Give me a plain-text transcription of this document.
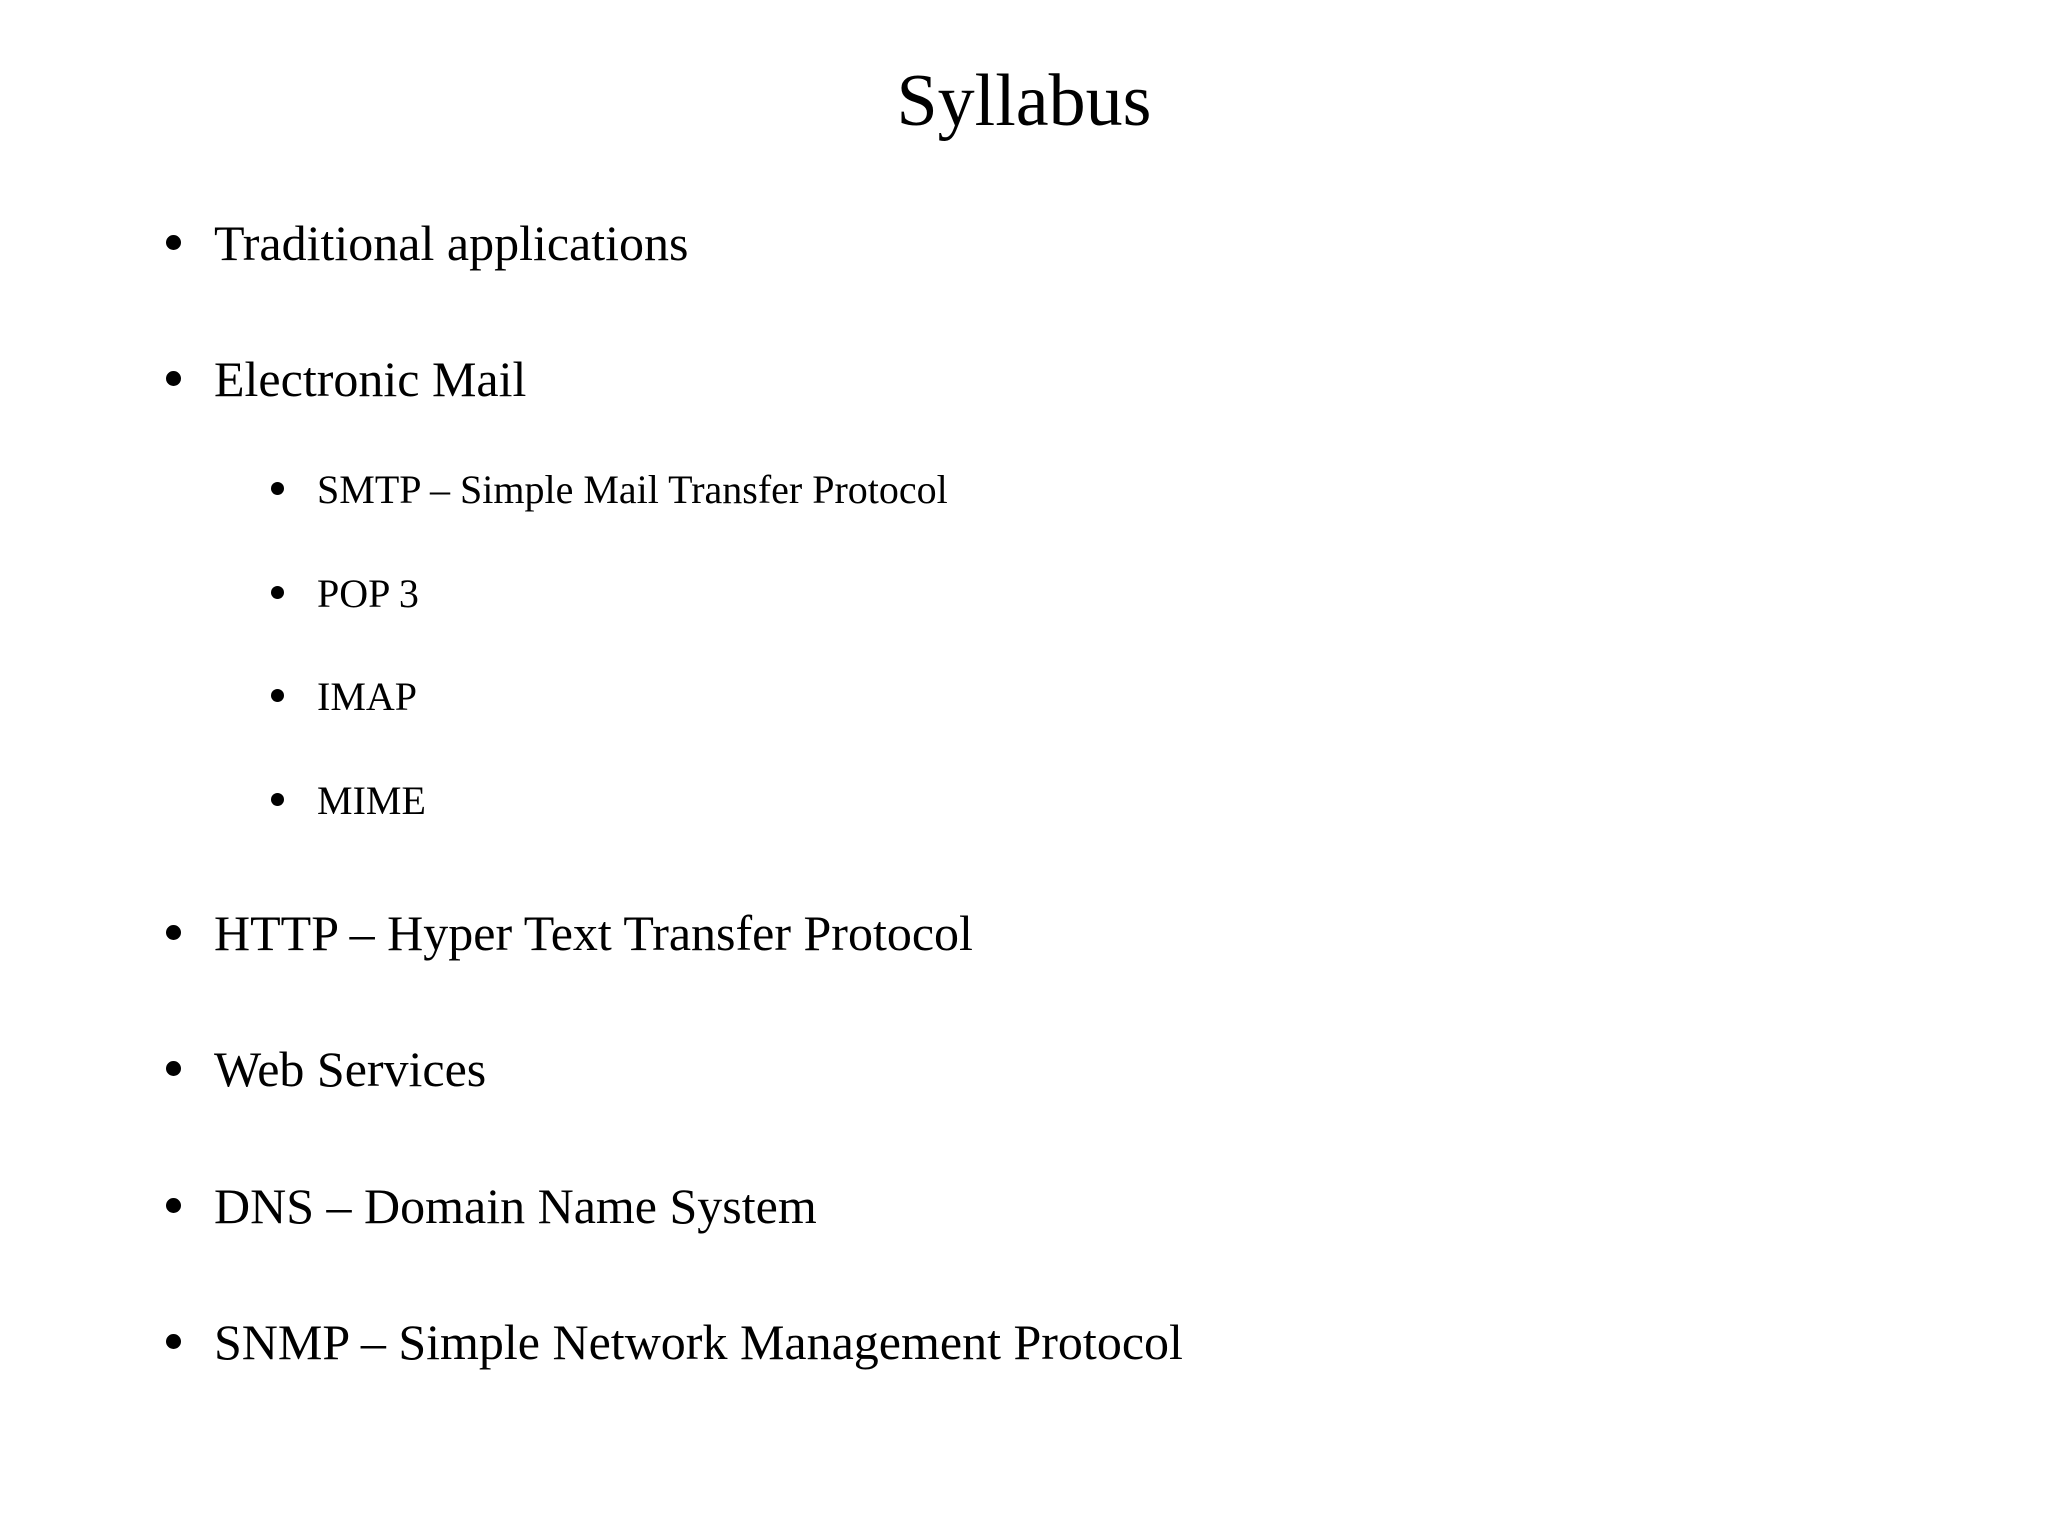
Syllabus
Traditional applications
Electronic Mail
SMTP – Simple Mail Transfer Protocol
POP 3
IMAP
MIME
HTTP – Hyper Text Transfer Protocol
Web Services
DNS – Domain Name System
SNMP – Simple Network Management Protocol
